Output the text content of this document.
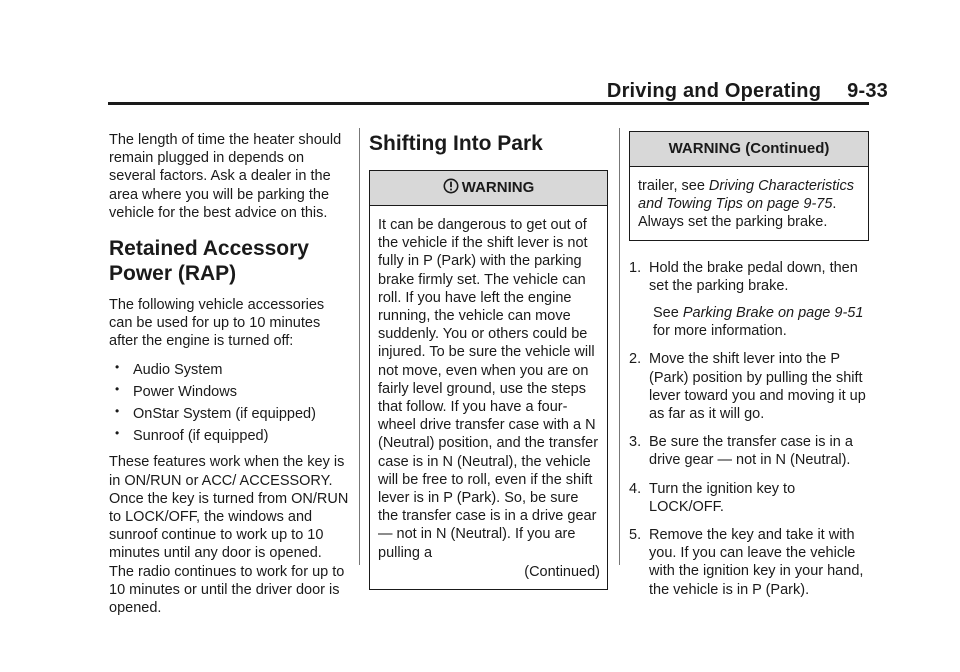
Driving and Operating 9-33

The length of time the heater should remain plugged in depends on several factors. Ask a dealer in the area where you will be parking the vehicle for the best advice on this.

Retained Accessory
Power (RAP)

The following vehicle accessories can be used for up to 10 minutes after the engine is turned off:

• Audio System
• Power Windows
• OnStar System (if equipped)
• Sunroof (if equipped)

These features work when the key is in ON/RUN or ACC/ ACCESSORY. Once the key is turned from ON/RUN to LOCK/OFF, the windows and sunroof continue to work up to 10 minutes until any door is opened. The radio continues to work for up to 10 minutes or until the driver door is opened.

Shifting Into Park
WARNING

It can be dangerous to get out of the vehicle if the shift lever is not fully in P (Park) with the parking brake firmly set. The vehicle can roll. If you have left the engine running, the vehicle can move suddenly. You or others could be injured. To be sure the vehicle will not move, even when you are on fairly level ground, use the steps that follow. If you have a four-wheel drive transfer case with a N (Neutral) position, and the transfer case is in N (Neutral), the vehicle will be free to roll, even if the shift lever is in P (Park). So, be sure the transfer case is in a drive gear — not in N (Neutral). If you are pulling a

(Continued)
WARNING (Continued)

trailer, see Driving Characteristics and Towing Tips on page 9-75. Always set the parking brake.

1. Hold the brake pedal down, then set the parking brake.
See Parking Brake on page 9-51 for more information.
2. Move the shift lever into the P (Park) position by pulling the shift lever toward you and moving it up as far as it will go.
3. Be sure the transfer case is in a drive gear — not in N (Neutral).
4. Turn the ignition key to LOCK/OFF.
5. Remove the key and take it with you. If you can leave the vehicle with the ignition key in your hand, the vehicle is in P (Park).
